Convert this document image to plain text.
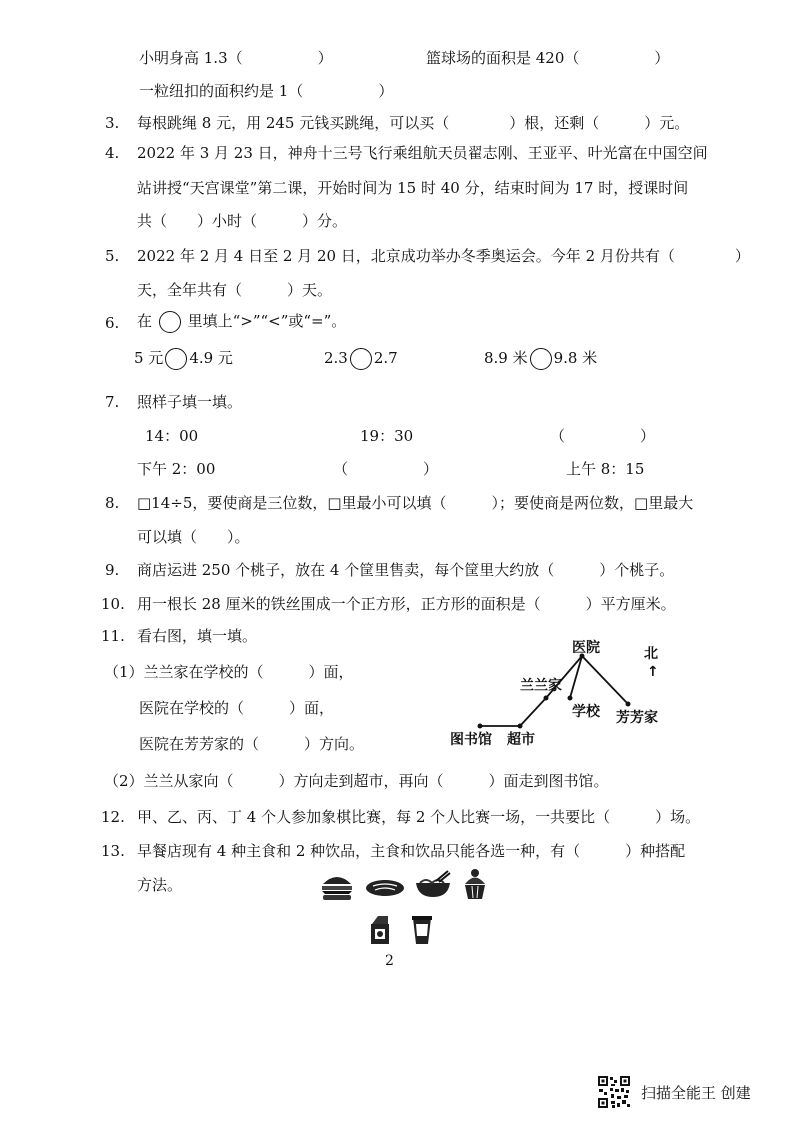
小明身高 1.3（　　　　　）	篮球场的面积是 420（　　　　　）
一粒纽扣的面积约是 1（　　　　　）
3. 每根跳绳 8 元，用 245 元钱买跳绳，可以买（　　　　）根，还剩（　　　）元。
4. 2022 年 3 月 23 日，神舟十三号飞行乘组航天员翟志刚、王亚平、叶光富在中国空间
站讲授“天宫课堂”第二课，开始时间为 15 时 40 分，结束时间为 17 时，授课时间
共（　　）小时（　　　）分。
5. 2022 年 2 月 4 日至 2 月 20 日，北京成功举办冬季奥运会。今年 2 月份共有（　　　　）
天，全年共有（　　　）天。
6. 在 里填上“>”“<”或“=”。
5 元 4.9 元	2.3 2.7	8.9 米 9.8 米
7. 照样子填一填。
14：00	19：30	（　　　　　）
下午 2：00	（　　　　　）	上午 8：15
8. □14÷5，要使商是三位数，□里最小可以填（　　　）；要使商是两位数，□里最大
可以填（　　）。
9. 商店运进 250 个桃子，放在 4 个筐里售卖，每个筐里大约放（　　　）个桃子。
10. 用一根长 28 厘米的铁丝围成一个正方形，正方形的面积是（　　　）平方厘米。
11. 看右图，填一填。
（1）兰兰家在学校的（　　　）面，
医院在学校的（　　　）面，
医院在芳芳家的（　　　）方向。
（2）兰兰从家向（　　　）方向走到超市，再向（　　　）面走到图书馆。
医院
兰兰家
学校 芳芳家
图书馆 超市
北
↑
12. 甲、乙、丙、丁 4 个人参加象棋比赛，每 2 个人比赛一场，一共要比（　　　）场。
13. 早餐店现有 4 种主食和 2 种饮品，主食和饮品只能各选一种，有（　　　）种搭配
方法。
2
扫描全能王 创建
